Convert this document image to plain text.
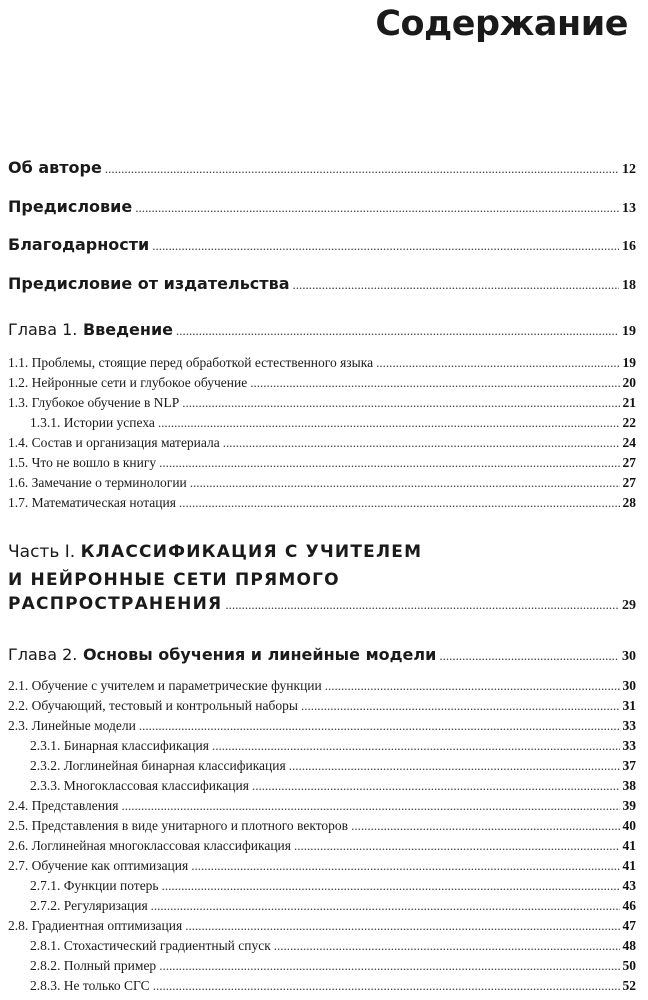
Содержание
Об авторе .....	12
Предисловие .....	13
Благодарности .....	16
Предисловие от издательства .....	18
Глава 1. Введение .....	19
1.1. Проблемы, стоящие перед обработкой естественного языка .....	19
1.2. Нейронные сети и глубокое обучение .....	20
1.3. Глубокое обучение в NLP .....	21
1.3.1. Истории успеха .....	22
1.4. Состав и организация материала .....	24
1.5. Что не вошло в книгу .....	27
1.6. Замечание о терминологии .....	27
1.7. Математическая нотация .....	28
Часть I. КЛАССИФИКАЦИЯ С УЧИТЕЛЕМ
И НЕЙРОННЫЕ СЕТИ ПРЯМОГО
РАСПРОСТРАНЕНИЯ .....	29
Глава 2. Основы обучения и линейные модели .....	30
2.1. Обучение с учителем и параметрические функции .....	30
2.2. Обучающий, тестовый и контрольный наборы .....	31
2.3. Линейные модели .....	33
2.3.1. Бинарная классификация .....	33
2.3.2. Логлинейная бинарная классификация .....	37
2.3.3. Многоклассовая классификация .....	38
2.4. Представления .....	39
2.5. Представления в виде унитарного и плотного векторов .....	40
2.6. Логлинейная многоклассовая классификация .....	41
2.7. Обучение как оптимизация .....	41
2.7.1. Функции потерь .....	43
2.7.2. Регуляризация .....	46
2.8. Градиентная оптимизация .....	47
2.8.1. Стохастический градиентный спуск .....	48
2.8.2. Полный пример .....	50
2.8.3. Не только СГС .....	52
